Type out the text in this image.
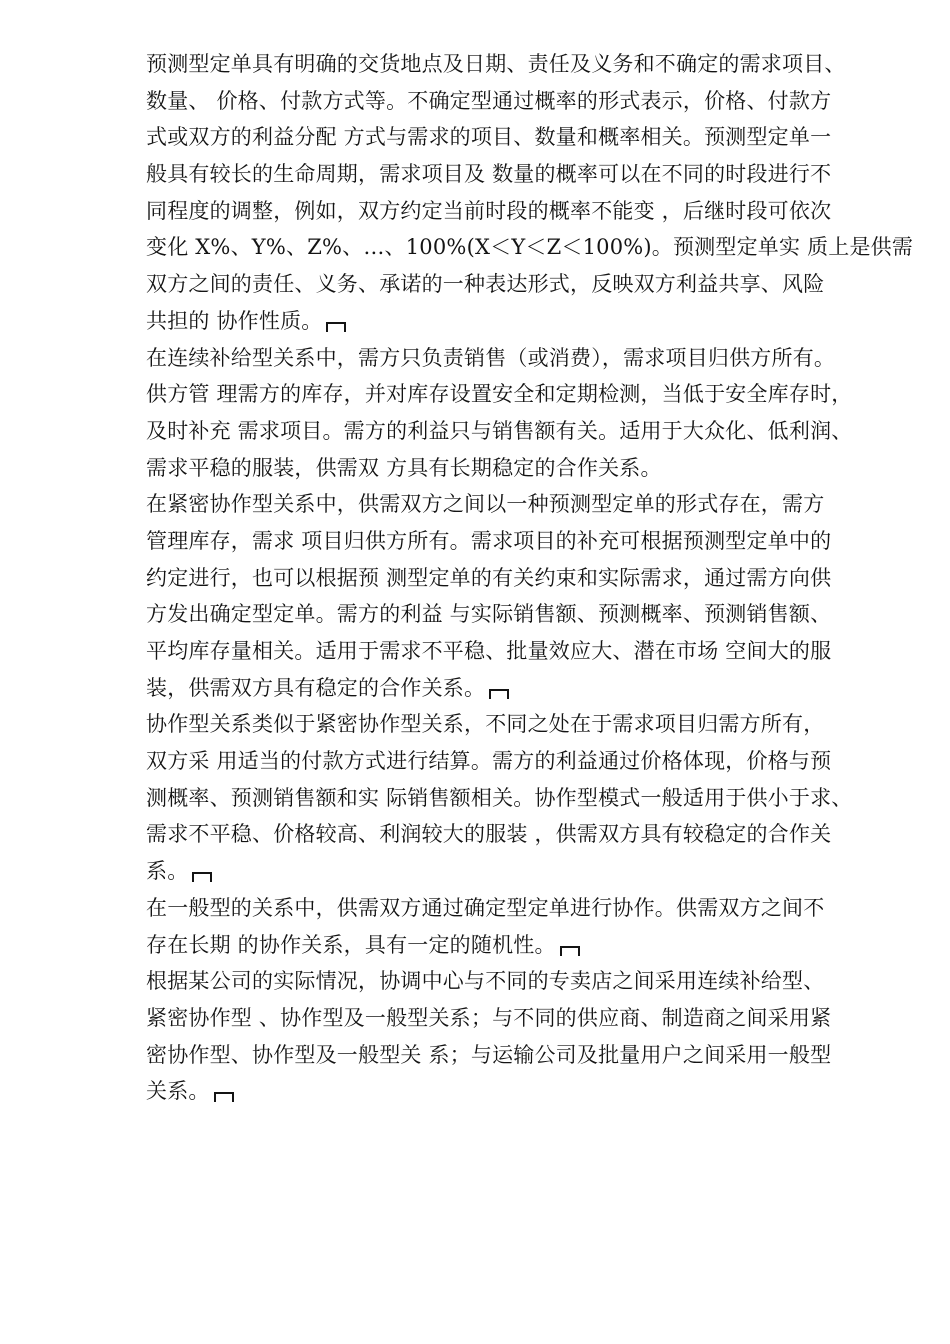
预测型定单具有明确的交货地点及日期、责任及义务和不确定的需求项目、
数量、 价格、付款方式等。不确定型通过概率的形式表示，价格、付款方
式或双方的利益分配 方式与需求的项目、数量和概率相关。预测型定单一
般具有较长的生命周期，需求项目及 数量的概率可以在不同的时段进行不
同程度的调整，例如，双方约定当前时段的概率不能变 ，后继时段可依次
变化 X%、Y%、Z%、…、100%(X＜Y＜Z＜100%)。预测型定单实 质上是供需
双方之间的责任、义务、承诺的一种表达形式，反映双方利益共享、风险
共担的 协作性质。
在连续补给型关系中，需方只负责销售（或消费），需求项目归供方所有。
供方管 理需方的库存，并对库存设置安全和定期检测，当低于安全库存时，
及时补充 需求项目。需方的利益只与销售额有关。适用于大众化、低利润、
需求平稳的服装，供需双 方具有长期稳定的合作关系。
在紧密协作型关系中，供需双方之间以一种预测型定单的形式存在，需方
管理库存，需求 项目归供方所有。需求项目的补充可根据预测型定单中的
约定进行，也可以根据预 测型定单的有关约束和实际需求，通过需方向供
方发出确定型定单。需方的利益 与实际销售额、预测概率、预测销售额、
平均库存量相关。适用于需求不平稳、批量效应大、潜在市场 空间大的服
装，供需双方具有稳定的合作关系。
协作型关系类似于紧密协作型关系，不同之处在于需求项目归需方所有，
双方采 用适当的付款方式进行结算。需方的利益通过价格体现，价格与预
测概率、预测销售额和实 际销售额相关。协作型模式一般适用于供小于求、
需求不平稳、价格较高、利润较大的服装 ，供需双方具有较稳定的合作关
系。
在一般型的关系中，供需双方通过确定型定单进行协作。供需双方之间不
存在长期 的协作关系，具有一定的随机性。
根据某公司的实际情况，协调中心与不同的专卖店之间采用连续补给型、
紧密协作型 、协作型及一般型关系；与不同的供应商、制造商之间采用紧
密协作型、协作型及一般型关 系；与运输公司及批量用户之间采用一般型
关系。
